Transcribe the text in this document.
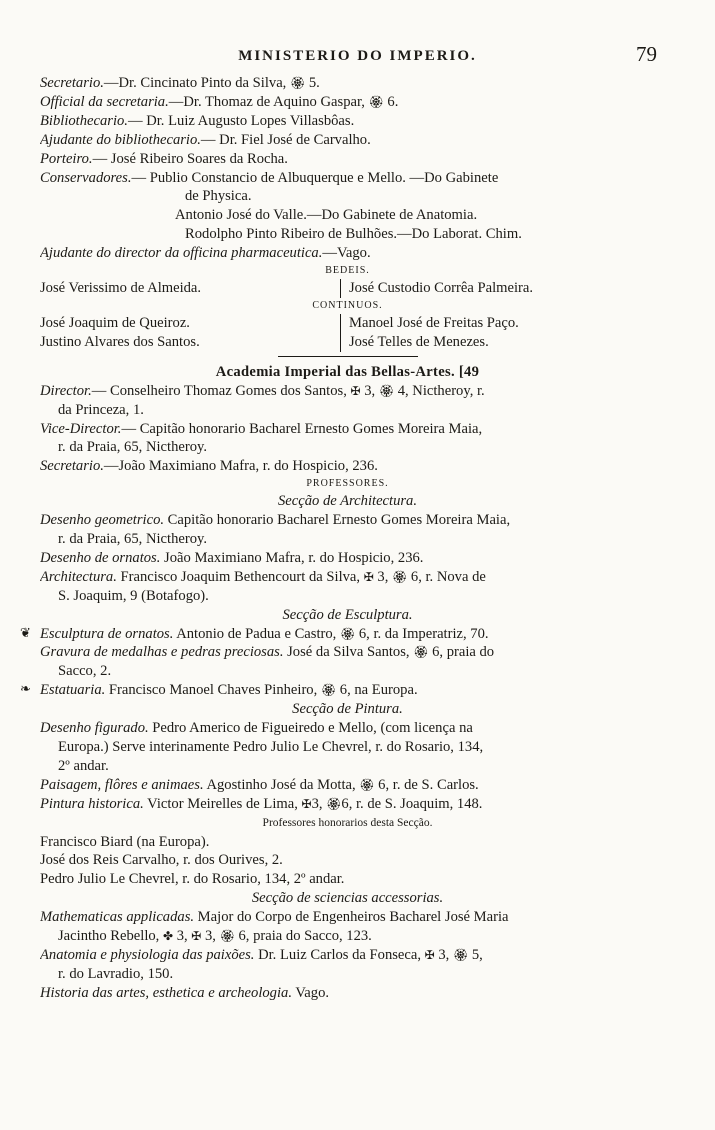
MINISTERIO DO IMPERIO.	79
Secretario.—Dr. Cincinato Pinto da Silva, 🏵 5.
Official da secretaria.—Dr. Thomaz de Aquino Gaspar, 🏵 6.
Bibliothecario.— Dr. Luiz Augusto Lopes Villasbôas.
Ajudante do bibliothecario.— Dr. Fiel José de Carvalho.
Porteiro.— José Ribeiro Soares da Rocha.
Conservadores.— Publio Constancio de Albuquerque e Mello. —Do Gabinete
de Physica.
Antonio José do Valle.—Do Gabinete de Anatomia.
Rodolpho Pinto Ribeiro de Bulhões.—Do Laborat. Chim.
Ajudante do director da officina pharmaceutica.—Vago.
BEDEIS.
José Verissimo de Almeida.	José Custodio Corrêa Palmeira.
CONTINUOS.
José Joaquim de Queiroz.	Manoel José de Freitas Paço.
Justino Alvares dos Santos.	José Telles de Menezes.
Academia Imperial das Bellas-Artes. [49
Director.— Conselheiro Thomaz Gomes dos Santos, ✠ 3, 🏵 4, Nictheroy, r.
da Princeza, 1.
Vice-Director.— Capitão honorario Bacharel Ernesto Gomes Moreira Maia,
r. da Praia, 65, Nictheroy.
Secretario.—João Maximiano Mafra, r. do Hospicio, 236.
PROFESSORES.
Secção de Architectura.
Desenho geometrico. Capitão honorario Bacharel Ernesto Gomes Moreira Maia,
r. da Praia, 65, Nictheroy.
Desenho de ornatos. João Maximiano Mafra, r. do Hospicio, 236.
Architectura. Francisco Joaquim Bethencourt da Silva, ✠ 3, 🏵 6, r. Nova de
S. Joaquim, 9 (Botafogo).
Secção de Esculptura.
❦ Esculptura de ornatos. Antonio de Padua e Castro, 🏵 6, r. da Imperatriz, 70.
Gravura de medalhas e pedras preciosas. José da Silva Santos, 🏵 6, praia do
Sacco, 2.
❧ Estatuaria. Francisco Manoel Chaves Pinheiro, 🏵 6, na Europa.
Secção de Pintura.
Desenho figurado. Pedro Americo de Figueiredo e Mello, (com licença na
Europa.) Serve interinamente Pedro Julio Le Chevrel, r. do Rosario, 134,
2º andar.
Paisagem, flôres e animaes. Agostinho José da Motta, 🏵 6, r. de S. Carlos.
Pintura historica. Victor Meirelles de Lima, ✠3, 🏵6, r. de S. Joaquim, 148.
Professores honorarios desta Secção.
Francisco Biard (na Europa).
José dos Reis Carvalho, r. dos Ourives, 2.
Pedro Julio Le Chevrel, r. do Rosario, 134, 2º andar.
Secção de sciencias accessorias.
Mathematicas applicadas. Major do Corpo de Engenheiros Bacharel José Maria
Jacintho Rebello, ✤ 3, ✠ 3, 🏵 6, praia do Sacco, 123.
Anatomia e physiologia das paixões. Dr. Luiz Carlos da Fonseca, ✠ 3, 🏵 5,
r. do Lavradio, 150.
Historia das artes, esthetica e archeologia. Vago.
